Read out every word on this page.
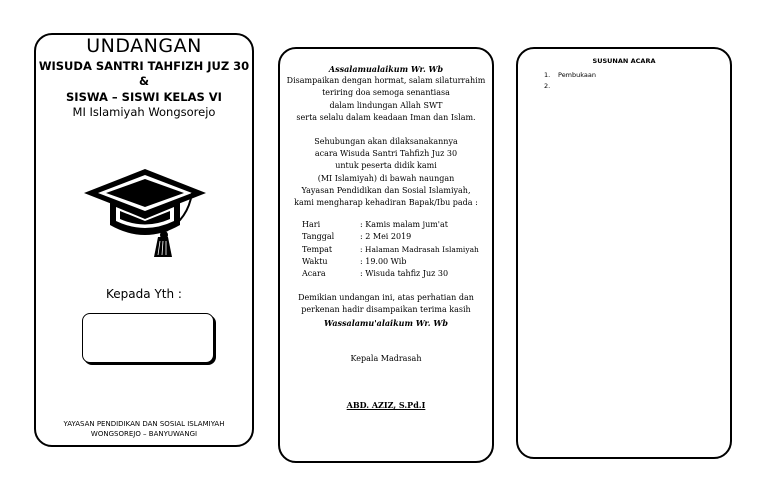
UNDANGAN
WISUDA SANTRI TAHFIZH JUZ 30
&
SISWA – SISWI KELAS VI
MI Islamiyah Wongsorejo
Kepada Yth :
YAYASAN PENDIDIKAN DAN SOSIAL ISLAMIYAH
WONGSOREJO – BANYUWANGI
Assalamualaikum Wr. Wb
Disampaikan dengan hormat, salam silaturrahim
teriring doa semoga senantiasa
dalam lindungan Allah SWT
serta selalu dalam keadaan Iman dan Islam.
Sehubungan akan dilaksanakannya
acara Wisuda Santri Tahfizh Juz 30
untuk peserta didik kami
(MI Islamiyah) di bawah naungan
Yayasan Pendidikan dan Sosial Islamiyah,
kami mengharap kehadiran Bapak/Ibu pada :
Hari	: Kamis malam jum'at
Tanggal	: 2 Mei 2019
Tempat	: Halaman Madrasah Islamiyah
Waktu	: 19.00 Wib
Acara	: Wisuda tahfiz Juz 30
Demikian undangan ini, atas perhatian dan
perkenan hadir disampaikan terima kasih
Wassalamu'alaikum Wr. Wb
Kepala Madrasah
ABD. AZIZ, S.Pd.I
SUSUNAN ACARA
1. Pembukaan
2.
